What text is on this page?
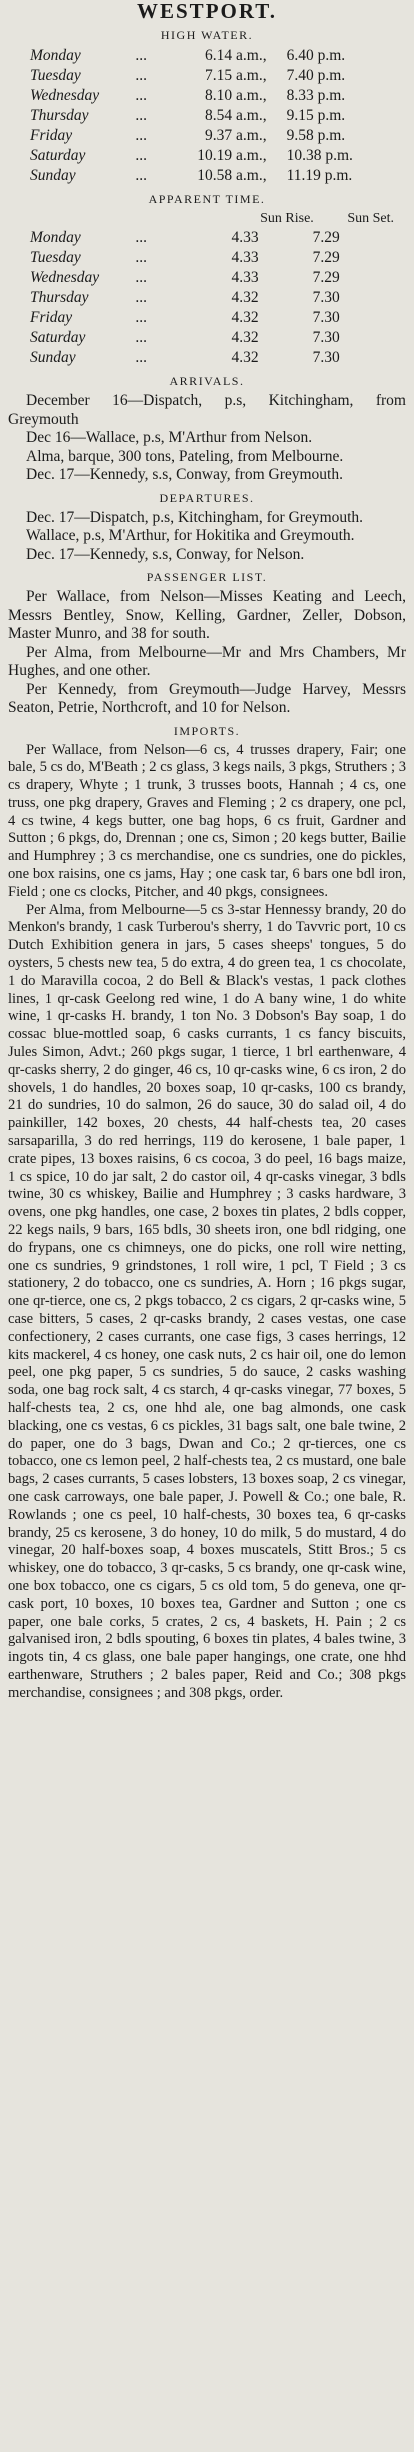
WESTPORT.
HIGH WATER.
Monday	...	6.14 a.m.,	6.40 p.m.
Tuesday	...	7.15 a.m.,	7.40 p.m.
Wednesday	...	8.10 a.m.,	8.33 p.m.
Thursday	...	8.54 a.m.,	9.15 p.m.
Friday	...	9.37 a.m.,	9.58 p.m.
Saturday	...	10.19 a.m.,	10.38 p.m.
Sunday	...	10.58 a.m.,	11.19 p.m.
APPARENT TIME.
Sun Rise. Sun Set.
Monday	...	4.33	7.29
Tuesday	...	4.33	7.29
Wednesday	...	4.33	7.29
Thursday	...	4.32	7.30
Friday	...	4.32	7.30
Saturday	...	4.32	7.30
Sunday	...	4.32	7.30
ARRIVALS.

December 16—Dispatch, p.s, Kitchingham, from Greymouth

Dec 16—Wallace, p.s, M'Arthur from Nelson.

Alma, barque, 300 tons, Pateling, from Melbourne.

Dec. 17—Kennedy, s.s, Conway, from Greymouth.

DEPARTURES.

Dec. 17—Dispatch, p.s, Kitchingham, for Greymouth.

Wallace, p.s, M'Arthur, for Hokitika and Greymouth.

Dec. 17—Kennedy, s.s, Conway, for Nelson.

PASSENGER LIST.

Per Wallace, from Nelson—Misses Keating and Leech, Messrs Bentley, Snow, Kelling, Gardner, Zeller, Dobson, Master Munro, and 38 for south.

Per Alma, from Melbourne—Mr and Mrs Chambers, Mr Hughes, and one other.

Per Kennedy, from Greymouth—Judge Harvey, Messrs Seaton, Petrie, Northcroft, and 10 for Nelson.

IMPORTS.

Per Wallace, from Nelson—6 cs, 4 trusses drapery, Fair; one bale, 5 cs do, M'Beath ; 2 cs glass, 3 kegs nails, 3 pkgs, Struthers ; 3 cs drapery, Whyte ; 1 trunk, 3 trusses boots, Hannah ; 4 cs, one truss, one pkg drapery, Graves and Fleming ; 2 cs drapery, one pcl, 4 cs twine, 4 kegs butter, one bag hops, 6 cs fruit, Gardner and Sutton ; 6 pkgs, do, Drennan ; one cs, Simon ; 20 kegs butter, Bailie and Humphrey ; 3 cs merchandise, one cs sundries, one do pickles, one box raisins, one cs jams, Hay ; one cask tar, 6 bars one bdl iron, Field ; one cs clocks, Pitcher, and 40 pkgs, consignees.

Per Alma, from Melbourne—5 cs 3-star Hennessy brandy, 20 do Menkon's brandy, 1 cask Turberou's sherry, 1 do Tavvric port, 10 cs Dutch Exhibition genera in jars, 5 cases sheeps' tongues, 5 do oysters, 5 chests new tea, 5 do extra, 4 do green tea, 1 cs chocolate, 1 do Maravilla cocoa, 2 do Bell & Black's vestas, 1 pack clothes lines, 1 qr-cask Geelong red wine, 1 do A bany wine, 1 do white wine, 1 qr-casks H. brandy, 1 ton No. 3 Dobson's Bay soap, 1 do cossac blue-mottled soap, 6 casks currants, 1 cs fancy biscuits, Jules Simon, Advt.; 260 pkgs sugar, 1 tierce, 1 brl earthenware, 4 qr-casks sherry, 2 do ginger, 46 cs, 10 qr-casks wine, 6 cs iron, 2 do shovels, 1 do handles, 20 boxes soap, 10 qr-casks, 100 cs brandy, 21 do sundries, 10 do salmon, 26 do sauce, 30 do salad oil, 4 do painkiller, 142 boxes, 20 chests, 44 half-chests tea, 20 cases sarsaparilla, 3 do red herrings, 119 do kerosene, 1 bale paper, 1 crate pipes, 13 boxes raisins, 6 cs cocoa, 3 do peel, 16 bags maize, 1 cs spice, 10 do jar salt, 2 do castor oil, 4 qr-casks vinegar, 3 bdls twine, 30 cs whiskey, Bailie and Humphrey ; 3 casks hardware, 3 ovens, one pkg handles, one case, 2 boxes tin plates, 2 bdls copper, 22 kegs nails, 9 bars, 165 bdls, 30 sheets iron, one bdl ridging, one do frypans, one cs chimneys, one do picks, one roll wire netting, one cs sundries, 9 grindstones, 1 roll wire, 1 pcl, T Field ; 3 cs stationery, 2 do tobacco, one cs sundries, A. Horn ; 16 pkgs sugar, one qr-tierce, one cs, 2 pkgs tobacco, 2 cs cigars, 2 qr-casks wine, 5 case bitters, 5 cases, 2 qr-casks brandy, 2 cases vestas, one case confectionery, 2 cases currants, one case figs, 3 cases herrings, 12 kits mackerel, 4 cs honey, one cask nuts, 2 cs hair oil, one do lemon peel, one pkg paper, 5 cs sundries, 5 do sauce, 2 casks washing soda, one bag rock salt, 4 cs starch, 4 qr-casks vinegar, 77 boxes, 5 half-chests tea, 2 cs, one hhd ale, one bag almonds, one cask blacking, one cs vestas, 6 cs pickles, 31 bags salt, one bale twine, 2 do paper, one do 3 bags, Dwan and Co.; 2 qr-tierces, one cs tobacco, one cs lemon peel, 2 half-chests tea, 2 cs mustard, one bale bags, 2 cases currants, 5 cases lobsters, 13 boxes soap, 2 cs vinegar, one cask carroways, one bale paper, J. Powell & Co.; one bale, R. Rowlands ; one cs peel, 10 half-chests, 30 boxes tea, 6 qr-casks brandy, 25 cs kerosene, 3 do honey, 10 do milk, 5 do mustard, 4 do vinegar, 20 half-boxes soap, 4 boxes muscatels, Stitt Bros.; 5 cs whiskey, one do tobacco, 3 qr-casks, 5 cs brandy, one qr-cask wine, one box tobacco, one cs cigars, 5 cs old tom, 5 do geneva, one qr-cask port, 10 boxes, 10 boxes tea, Gardner and Sutton ; one cs paper, one bale corks, 5 crates, 2 cs, 4 baskets, H. Pain ; 2 cs galvanised iron, 2 bdls spouting, 6 boxes tin plates, 4 bales twine, 3 ingots tin, 4 cs glass, one bale paper hangings, one crate, one hhd earthenware, Struthers ; 2 bales paper, Reid and Co.; 308 pkgs merchandise, consignees ; and 308 pkgs, order.
